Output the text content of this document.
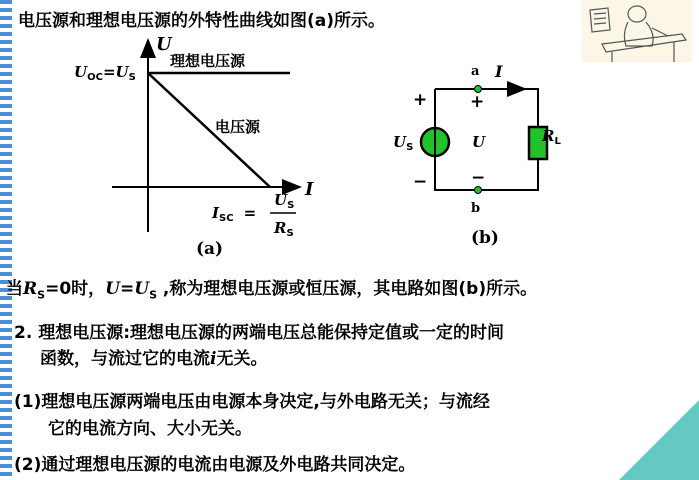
电压源和理想电压源的外特性曲线如图(a)所示。
U
I
$U_{OC}=U_S$
理想电压源
电压源
$I_{SC}$ =
$U_S$
$R_S$
(a)
a
b
I
+	+
−	−
$U_S$	U	$R_L$
(b)
当$R_S=0$时，$U=U_S$ ,称为理想电压源或恒压源，其电路如图(b)所示。
2. 理想电压源:理想电压源的两端电压总能保持定值或一定的时间
函数，与流过它的电流i无关。
(1)理想电压源两端电压由电源本身决定,与外电路无关；与流经
它的电流方向、大小无关。
(2)通过理想电压源的电流由电源及外电路共同决定。
